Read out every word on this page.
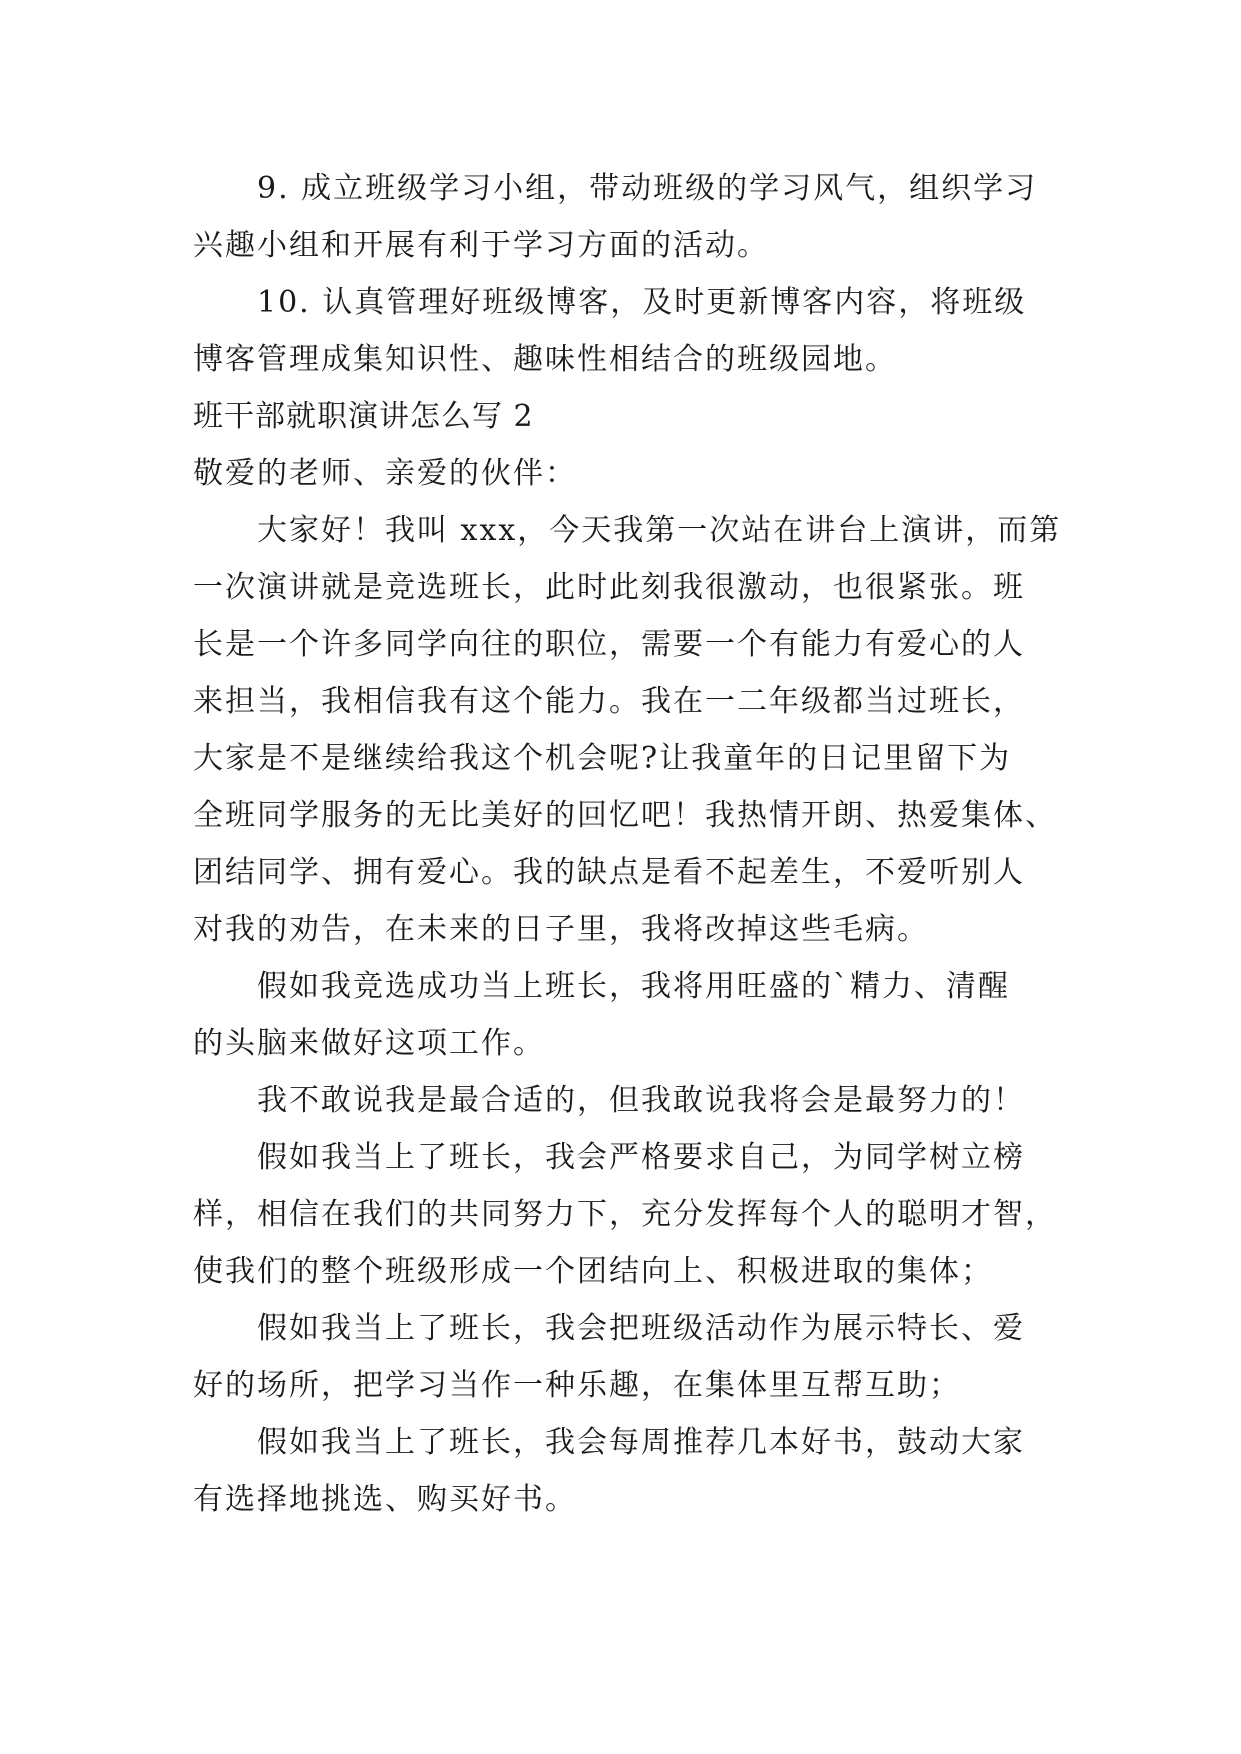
9. 成立班级学习小组，带动班级的学习风气，组织学习
兴趣小组和开展有利于学习方面的活动。
10. 认真管理好班级博客，及时更新博客内容，将班级
博客管理成集知识性、趣味性相结合的班级园地。
班干部就职演讲怎么写 2
敬爱的老师、亲爱的伙伴：
大家好！我叫 xxx，今天我第一次站在讲台上演讲，而第
一次演讲就是竞选班长，此时此刻我很激动，也很紧张。班
长是一个许多同学向往的职位，需要一个有能力有爱心的人
来担当，我相信我有这个能力。我在一二年级都当过班长，
大家是不是继续给我这个机会呢?让我童年的日记里留下为
全班同学服务的无比美好的回忆吧！我热情开朗、热爱集体、
团结同学、拥有爱心。我的缺点是看不起差生，不爱听别人
对我的劝告，在未来的日子里，我将改掉这些毛病。
假如我竞选成功当上班长，我将用旺盛的`精力、清醒
的头脑来做好这项工作。
我不敢说我是最合适的，但我敢说我将会是最努力的！
假如我当上了班长，我会严格要求自己，为同学树立榜
样，相信在我们的共同努力下，充分发挥每个人的聪明才智，
使我们的整个班级形成一个团结向上、积极进取的集体；
假如我当上了班长，我会把班级活动作为展示特长、爱
好的场所，把学习当作一种乐趣，在集体里互帮互助；
假如我当上了班长，我会每周推荐几本好书，鼓动大家
有选择地挑选、购买好书。
